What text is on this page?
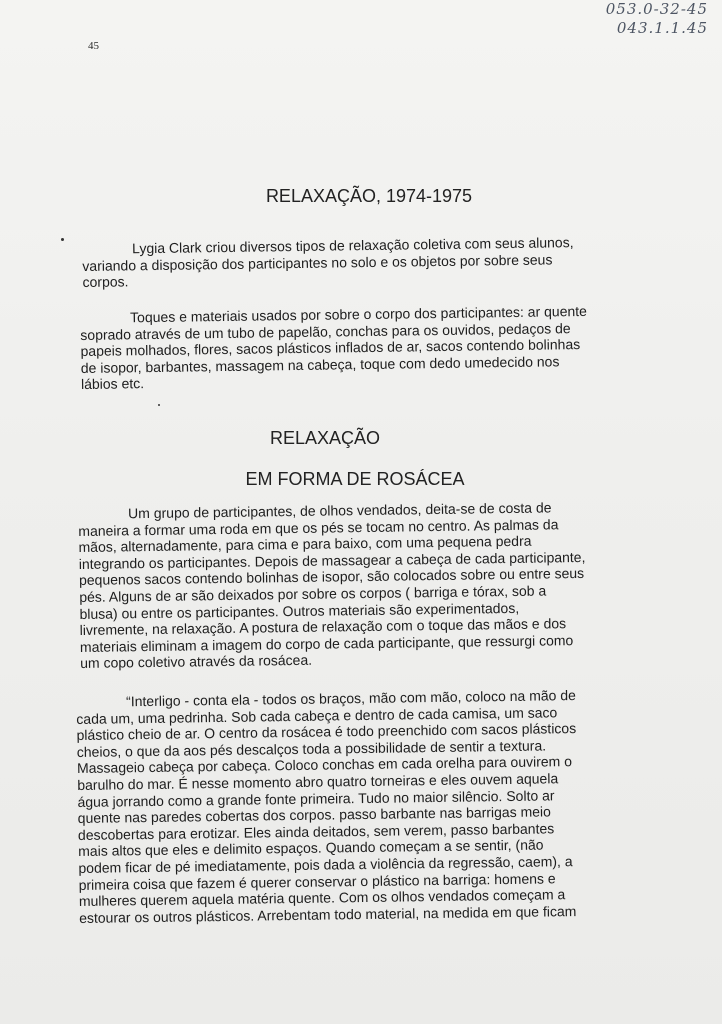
053.0-32-45
043.1.1.45
45
RELAXAÇÃO, 1974-1975
Lygia Clark criou diversos tipos de relaxação coletiva com seus alunos,
variando a disposição dos participantes no solo e os objetos por sobre seus
corpos.
Toques e materiais usados por sobre o corpo dos participantes: ar quente
soprado através de um tubo de papelão, conchas para os ouvidos, pedaços de
papeis molhados, flores, sacos plásticos inflados de ar, sacos contendo bolinhas
de isopor, barbantes, massagem na cabeça, toque com dedo umedecido nos
lábios etc.
RELAXAÇÃO
EM FORMA DE ROSÁCEA
Um grupo de participantes, de olhos vendados, deita-se de costa de
maneira a formar uma roda em que os pés se tocam no centro. As palmas da
mãos, alternadamente, para cima e para baixo, com uma pequena pedra
integrando os participantes. Depois de massagear a cabeça de cada participante,
pequenos sacos contendo bolinhas de isopor, são colocados sobre ou entre seus
pés. Alguns de ar são deixados por sobre os corpos ( barriga e tórax, sob a
blusa) ou entre os participantes. Outros materiais são experimentados,
livremente, na relaxação. A postura de relaxação com o toque das mãos e dos
materiais eliminam a imagem do corpo de cada participante, que ressurgi como
um copo coletivo através da rosácea.
“Interligo - conta ela - todos os braços, mão com mão, coloco na mão de
cada um, uma pedrinha. Sob cada cabeça e dentro de cada camisa, um saco
plástico cheio de ar. O centro da rosácea é todo preenchido com sacos plásticos
cheios, o que da aos pés descalços toda a possibilidade de sentir a textura.
Massageio cabeça por cabeça. Coloco conchas em cada orelha para ouvirem o
barulho do mar. É nesse momento abro quatro torneiras e eles ouvem aquela
água jorrando como a grande fonte primeira. Tudo no maior silêncio. Solto ar
quente nas paredes cobertas dos corpos. passo barbante nas barrigas meio
descobertas para erotizar. Eles ainda deitados, sem verem, passo barbantes
mais altos que eles e delimito espaços. Quando começam a se sentir, (não
podem ficar de pé imediatamente, pois dada a violência da regressão, caem), a
primeira coisa que fazem é querer conservar o plástico na barriga: homens e
mulheres querem aquela matéria quente. Com os olhos vendados começam a
estourar os outros plásticos. Arrebentam todo material, na medida em que ficam
